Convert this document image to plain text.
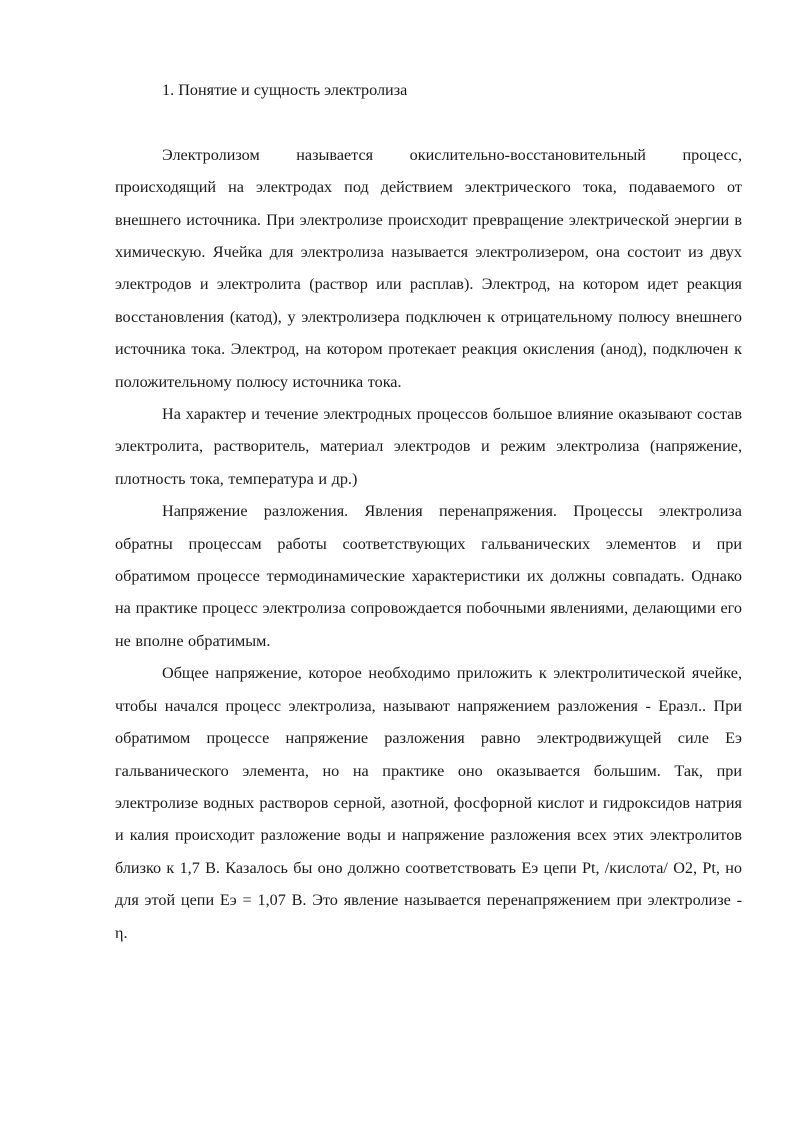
1. Понятие и сущность электролиза

Электролизом называется окислительно-восстановительный процесс, происходящий на электродах под действием электрического тока, подаваемого от внешнего источника. При электролизе происходит превращение электрической энергии в химическую. Ячейка для электролиза называется электролизером, она состоит из двух электродов и электролита (раствор или расплав). Электрод, на котором идет реакция восстановления (катод), у электролизера подключен к отрицательному полюсу внешнего источника тока. Электрод, на котором протекает реакция окисления (анод), подключен к положительному полюсу источника тока.

На характер и течение электродных процессов большое влияние оказывают состав электролита, растворитель, материал электродов и режим электролиза (напряжение, плотность тока, температура и др.)

Напряжение разложения. Явления перенапряжения. Процессы электролиза обратны процессам работы соответствующих гальванических элементов и при обратимом процессе термодинамические характеристики их должны совпадать. Однако на практике процесс электролиза сопровождается побочными явлениями, делающими его не вполне обратимым.

Общее напряжение, которое необходимо приложить к электролитической ячейке, чтобы начался процесс электролиза, называют напряжением разложения - Еразл.. При обратимом процессе напряжение разложения равно электродвижущей силе Еэ гальванического элемента, но на практике оно оказывается большим. Так, при электролизе водных растворов серной, азотной, фосфорной кислот и гидроксидов натрия и калия происходит разложение воды и напряжение разложения всех этих электролитов близко к 1,7 В. Казалось бы оно должно соответствовать Еэ цепи Pt, /кислота/ O2, Pt, но для этой цепи Еэ = 1,07 В. Это явление называется перенапряжением при электролизе - η.
